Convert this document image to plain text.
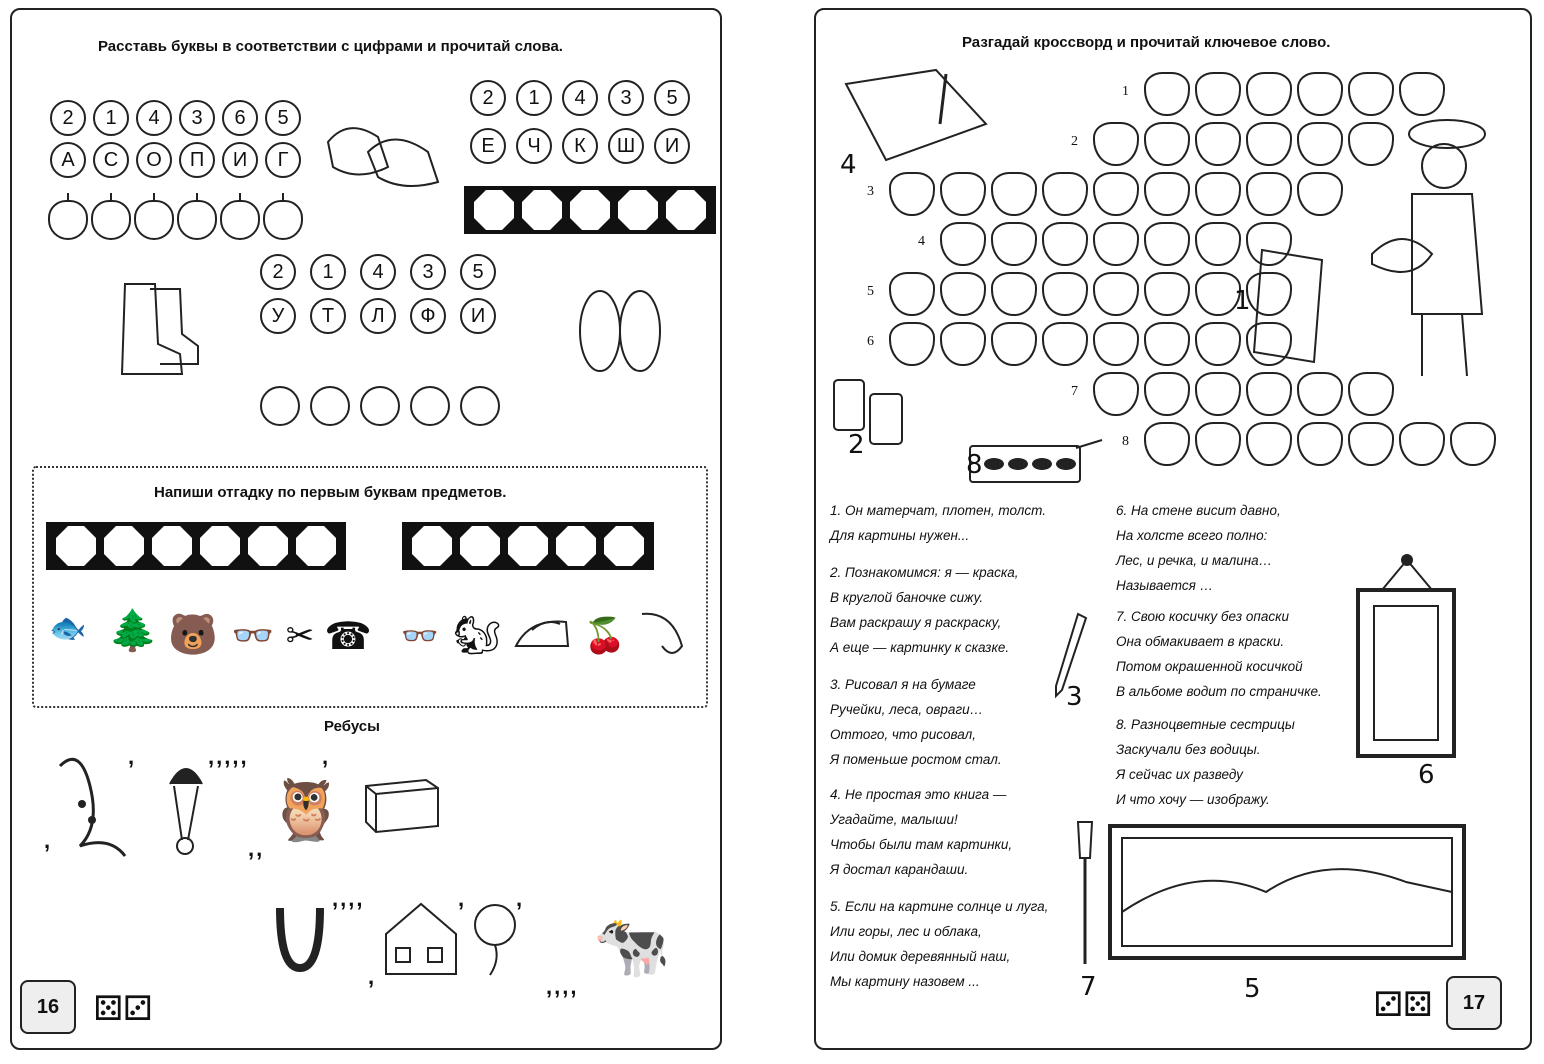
Расставь буквы в соответствии с цифрами и прочитай слова.
2	1	4	3	6	5
А	С	О	П	И	Г
2	1	4	3	5
Е	Ч	К	Ш	И
2	1	4	3	5
У	Т	Л	Ф	И
Напиши отгадку по первым буквам предметов.
🐟 🌲 🐻 👓 ✂ ☎ 👓 🐿	🍒
Ребусы
,
,	,,,,,
🦉
,,
,
,,,,
,
, ,
🐄
,,,,
16	⚄⚂
Разгадай кроссворд и прочитай ключевое слово.
4
1
2
3
4
5
6
7
8
1
2
8
1. Он матерчат, плотен, толст.
Для картины нужен...
2. Познакомимся: я — краска,
В круглой баночке сижу.
Вам раскрашу я раскраску,
А еще — картинку к сказке.
3. Рисовал я на бумаге
Ручейки, леса, овраги…
Оттого, что рисовал,
Я поменьше ростом стал.
4. Не простая это книга —
Угадайте, малыши!
Чтобы были там картинки,
Я достал карандаши.
5. Если на картине солнце и луга,
Или горы, лес и облака,
Или домик деревянный наш,
Мы картину назовем ...
6. На стене висит давно,
На холсте всего полно:
Лес, и речка, и малина…
Называется …
7. Свою косичку без опаски
Она обмакивает в краски.
Потом окрашенной косичкой
В альбоме водит по страничке.
8. Разноцветные сестрицы
Заскучали без водицы.
Я сейчас их разведу
И что хочу — изображу.
3
6
7	5	⚂⚄	17
